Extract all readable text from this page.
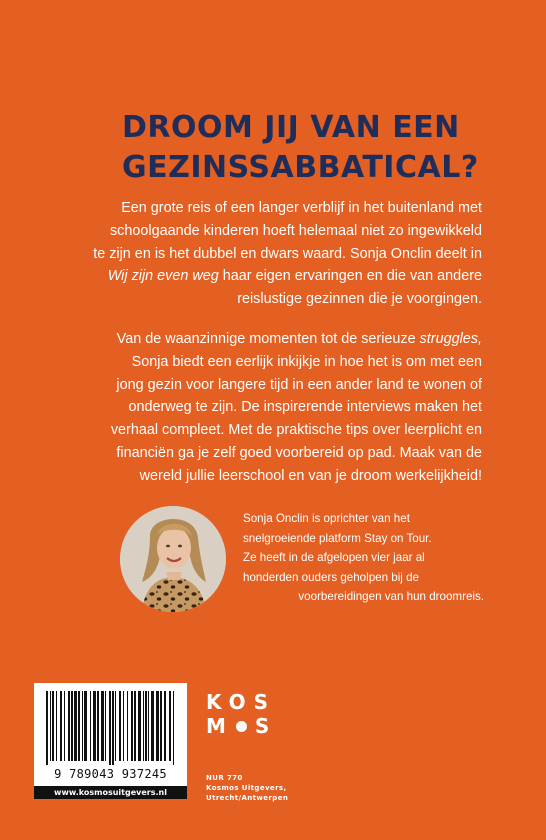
DROOM JIJ VAN EEN
GEZINSSABBATICAL?
Een grote reis of een langer verblijf in het buitenland met
schoolgaande kinderen hoeft helemaal niet zo ingewikkeld
te zijn en is het dubbel en dwars waard. Sonja Onclin deelt in
Wij zijn even weg haar eigen ervaringen en die van andere
reislustige gezinnen die je voorgingen.
Van de waanzinnige momenten tot de serieuze struggles,
Sonja biedt een eerlijk inkijkje in hoe het is om met een
jong gezin voor langere tijd in een ander land te wonen of
onderweg te zijn. De inspirerende interviews maken het
verhaal compleet. Met de praktische tips over leerplicht en
financiën ga je zelf goed voorbereid op pad. Maak van de
wereld jullie leerschool en van je droom werkelijkheid!
Sonja Onclin is oprichter van het
snelgroeiende platform Stay on Tour.
Ze heeft in de afgelopen vier jaar al
honderden ouders geholpen bij de
voorbereidingen van hun droomreis.
9 789043 937245
www.kosmosuitgevers.nl
KOS
M S
NUR 770
Kosmos Uitgevers,
Utrecht/Antwerpen
